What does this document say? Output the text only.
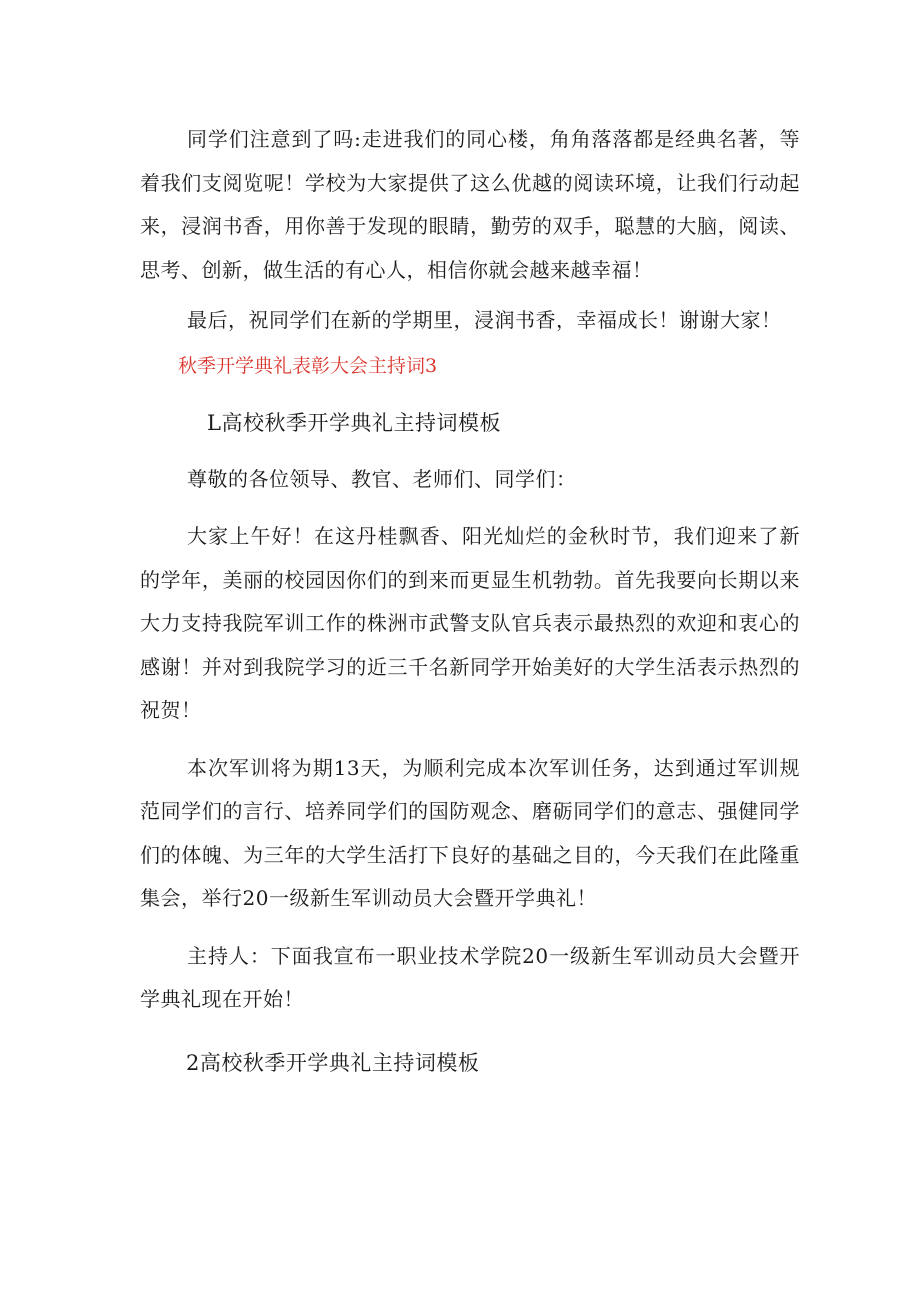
同学们注意到了吗:走进我们的同心楼，角角落落都是经典名著，等着我们支阅览呢！学校为大家提供了这么优越的阅读环境，让我们行动起来，浸润书香，用你善于发现的眼睛，勤劳的双手，聪慧的大脑，阅读、思考、创新，做生活的有心人，相信你就会越来越幸福！

最后，祝同学们在新的学期里，浸润书香，幸福成长！谢谢大家！

秋季开学典礼表彰大会主持词3
L高校秋季开学典礼主持词模板

尊敬的各位领导、教官、老师们、同学们：

大家上午好！在这丹桂飘香、阳光灿烂的金秋时节，我们迎来了新的学年，美丽的校园因你们的到来而更显生机勃勃。首先我要向长期以来大力支持我院军训工作的株洲市武警支队官兵表示最热烈的欢迎和衷心的感谢！并对到我院学习的近三千名新同学开始美好的大学生活表示热烈的祝贺！

本次军训将为期13天，为顺利完成本次军训任务，达到通过军训规范同学们的言行、培养同学们的国防观念、磨砺同学们的意志、强健同学们的体魄、为三年的大学生活打下良好的基础之目的，今天我们在此隆重集会，举行20一级新生军训动员大会暨开学典礼！

主持人：下面我宣布一职业技术学院20一级新生军训动员大会暨开学典礼现在开始！

2高校秋季开学典礼主持词模板
